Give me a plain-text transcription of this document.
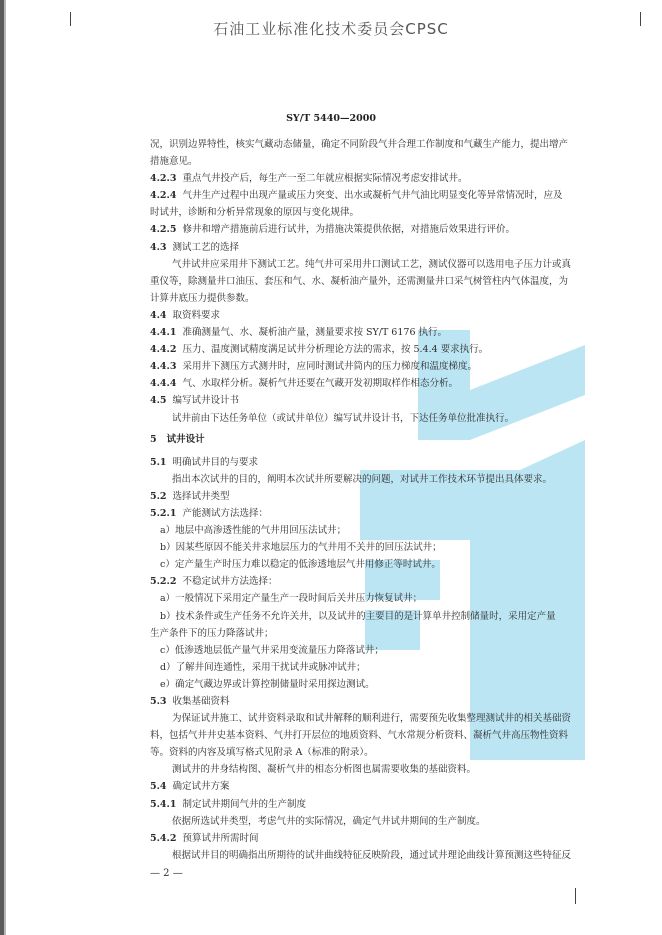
石油工业标准化技术委员会CPSC
SY/T 5440—2000
况，识别边界特性，核实气藏动态储量，确定不同阶段气井合理工作制度和气藏生产能力，提出增产
措施意见。
4.2.3 重点气井投产后，每生产一至二年就应根据实际情况考虑安排试井。
4.2.4 气井生产过程中出现产量或压力突变、出水或凝析气井气油比明显变化等异常情况时，应及
时试井，诊断和分析异常现象的原因与变化规律。
4.2.5 修井和增产措施前后进行试井，为措施决策提供依据，对措施后效果进行评价。
4.3 测试工艺的选择
气井试井应采用井下测试工艺。纯气井可采用井口测试工艺，测试仪器可以选用电子压力计或真
重仪等，除测量井口油压、套压和气、水、凝析油产量外，还需测量井口采气树管柱内气体温度，为
计算井底压力提供参数。
4.4 取资料要求
4.4.1 准确测量气、水、凝析油产量，测量要求按 SY/T 6176 执行。
4.4.2 压力、温度测试精度满足试井分析理论方法的需求，按 5.4.4 要求执行。
4.4.3 采用井下测压方式测井时，应同时测试井筒内的压力梯度和温度梯度。
4.4.4 气、水取样分析。凝析气井还要在气藏开发初期取样作相态分析。
4.5 编写试井设计书
试井前由下达任务单位（或试井单位）编写试井设计书，下达任务单位批准执行。
5 试井设计
5.1 明确试井目的与要求
指出本次试井的目的，阐明本次试井所要解决的问题，对试井工作技术环节提出具体要求。
5.2 选择试井类型
5.2.1 产能测试方法选择：
a）地层中高渗透性能的气井用回压法试井；
b）因某些原因不能关井求地层压力的气井用不关井的回压法试井；
c）定产量生产时压力难以稳定的低渗透地层气井用修正等时试井。
5.2.2 不稳定试井方法选择：
a）一般情况下采用定产量生产一段时间后关井压力恢复试井；
b）技术条件或生产任务不允许关井，以及试井的主要目的是计算单井控制储量时，采用定产量
生产条件下的压力降落试井；
c）低渗透地层低产量气井采用变流量压力降落试井；
d）了解井间连通性，采用干扰试井或脉冲试井；
e）确定气藏边界或计算控制储量时采用探边测试。
5.3 收集基础资料
为保证试井施工、试井资料录取和试井解释的顺利进行，需要预先收集整理测试井的相关基础资
料，包括气井井史基本资料、气井打开层位的地质资料、气水常规分析资料、凝析气井高压物性资料
等。资料的内容及填写格式见附录 A（标准的附录）。
测试井的井身结构图、凝析气井的相态分析图也属需要收集的基础资料。
5.4 确定试井方案
5.4.1 制定试井期间气井的生产制度
依据所选试井类型，考虑气井的实际情况，确定气井试井期间的生产制度。
5.4.2 预算试井所需时间
根据试井目的明确指出所期待的试井曲线特征反映阶段，通过试井理论曲线计算预测这些特征反
— 2 —
